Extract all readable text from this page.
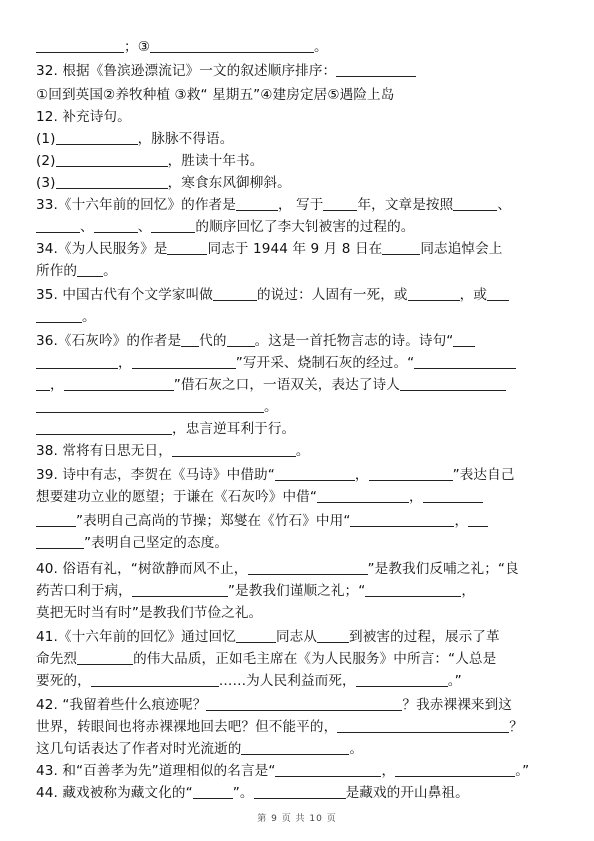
；③	。
32. 根据《鲁滨逊漂流记》一文的叙述顺序排序：
①回到英国②养牧种植 ③救“ 星期五”④建房定居⑤遇险上岛
12. 补充诗句。
(1)	，脉脉不得语。
(2)	，胜读十年书。
(3)	，寒食东风御柳斜。
33.《十六年前的回忆》的作者是	， 写于	年，文章是按照	、
、	、	的顺序回忆了李大钊被害的过程的。
34.《为人民服务》是	同志于 1944 年 9 月 8 日在	同志追悼会上
所作的 。
35. 中国古代有个文学家叫做	的说过：人固有一死，或	，或
。
36.《石灰吟》的作者是 代的 。这是一首托物言志的诗。诗句“
，	”写开采、烧制石灰的经过。“
，	”借石灰之口，一语双关，表达了诗人
。
，忠言逆耳利于行。
38. 常将有日思无日，	。
39. 诗中有志，李贺在《马诗》中借助“	，	”表达自己
想要建功立业的愿望；于谦在《石灰吟》中借“	，
”表明自己高尚的节操；郑燮在《竹石》中用“	，
”表明自己坚定的态度。
40. 俗语有礼，“树欲静而风不止，	”是教我们反哺之礼；“良
药苦口利于病，	”是教我们谨顺之礼；“	，
莫把无时当有时”是教我们节俭之礼。
41.《十六年前的回忆》通过回忆	同志从 到被害的过程，展示了革
命先烈	的伟大品质，正如毛主席在《为人民服务》中所言：“人总是
要死的，	……为人民利益而死，	。”
42. “我留着些什么痕迹呢？	？我赤裸裸来到这
世界，转眼间也将赤裸裸地回去吧？但不能平的，	？
这几句话表达了作者对时光流逝的	。
43. 和“百善孝为先”道理相似的名言是“	，	。”
44. 藏戏被称为藏文化的“	”。	是藏戏的开山鼻祖。
第 9 页 共 10 页
